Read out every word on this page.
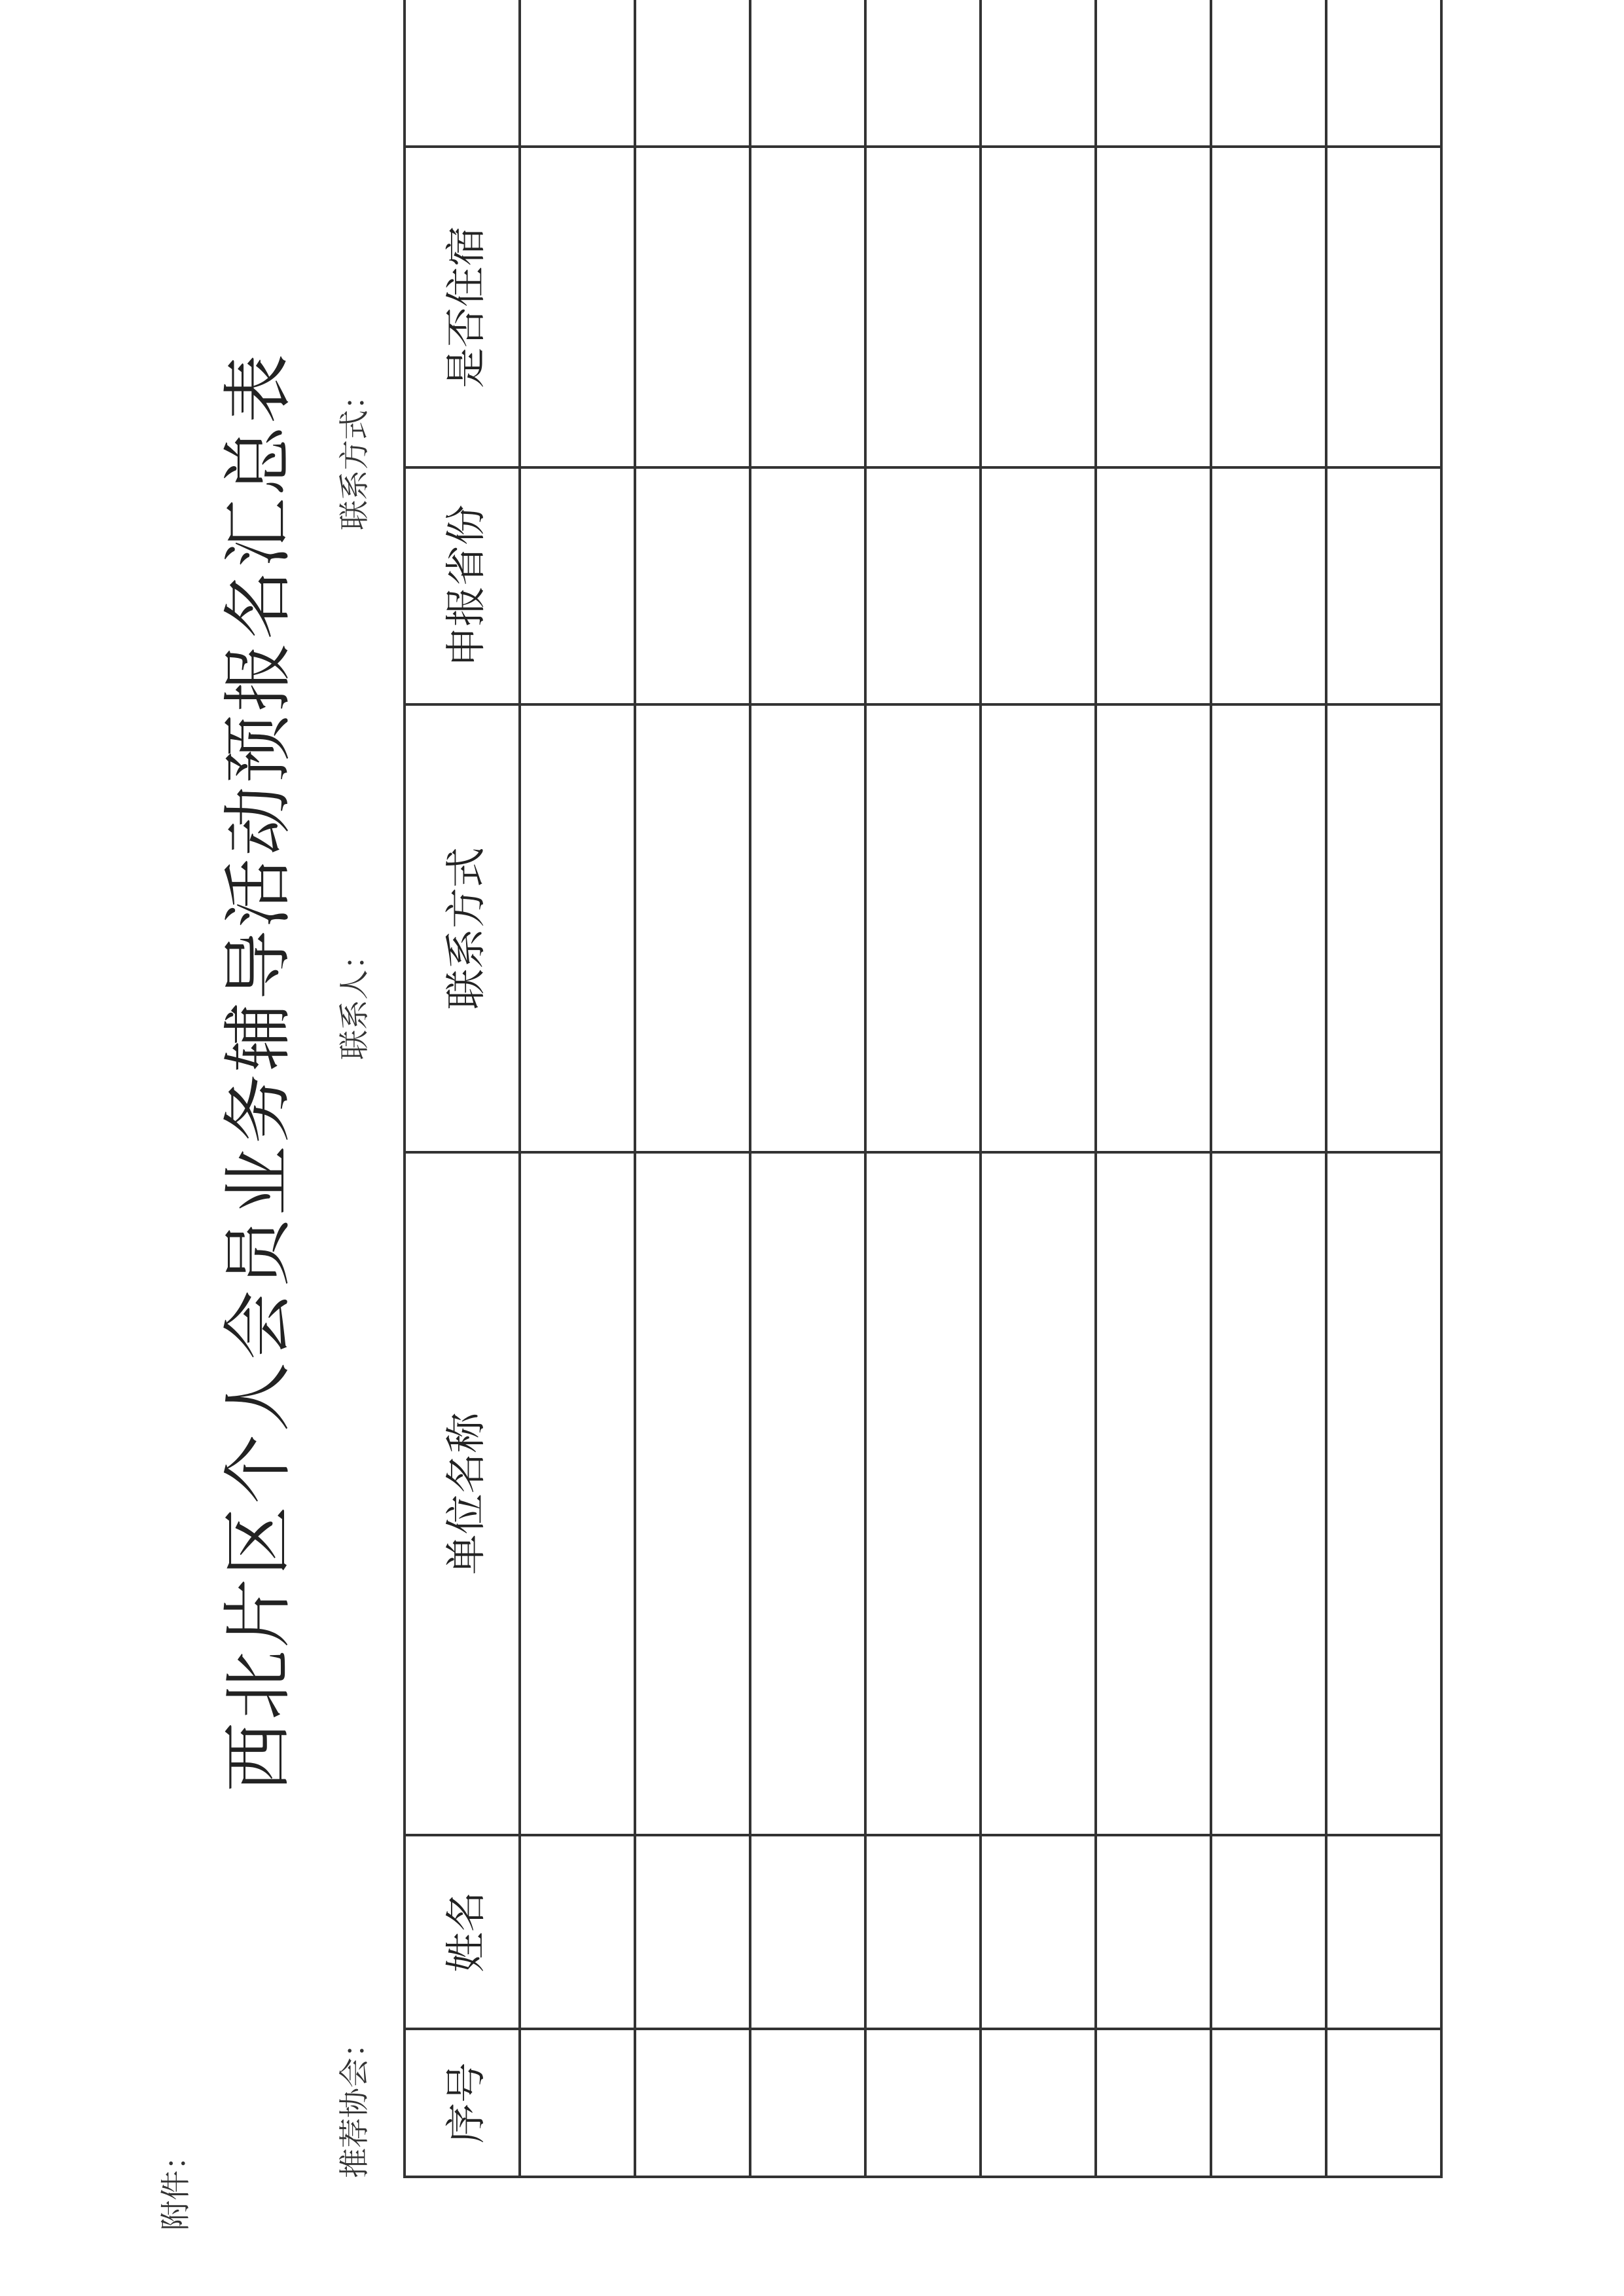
附件：
西北片区个人会员业务辅导活动预报名汇总表
推荐协会：
联系人：
联系方式：
序号	姓名	单位名称	联系方式	申报省份	是否住宿	
